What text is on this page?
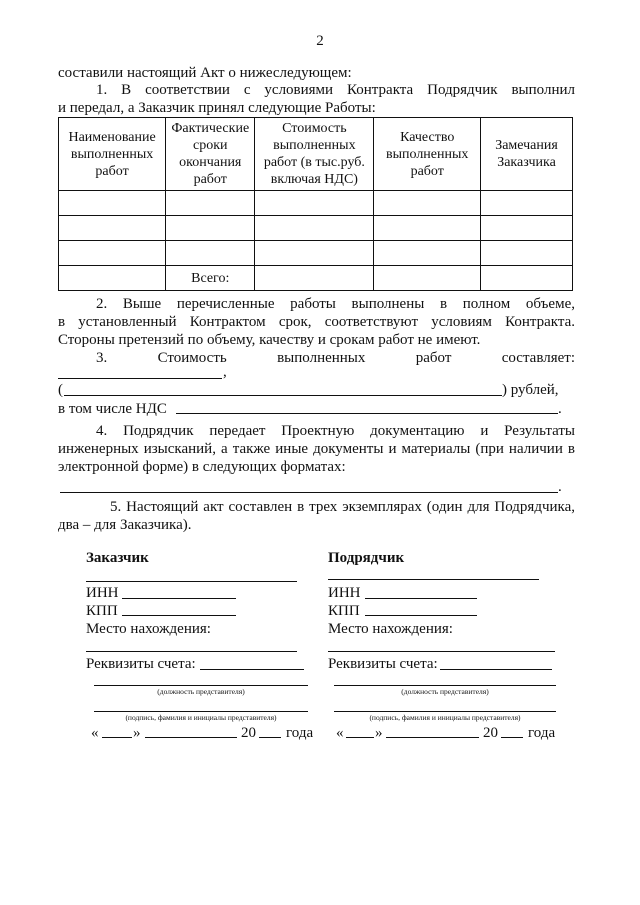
2
составили настоящий Акт о нижеследующем:
1. В соответствии с условиями Контракта Подрядчик выполнил
и передал, а Заказчик принял следующие Работы:
Наименование выполненных работ	Фактические сроки окончания работ	Стоимость выполненных работ (в тыс.руб. включая НДС)	Качество выполненных работ	Замечания Заказчика

	Всего:			
2. Выше перечисленные работы выполнены в полном объеме,
в установленный Контрактом срок, соответствуют условиям Контракта.
Стороны претензий по объему, качеству и срокам работ не имеют.
3. Стоимость выполненных работ составляет:
,
(	) рублей,
в том числе НДС	.
4. Подрядчик передает Проектную документацию и Результаты
инженерных изысканий, а также иные документы и материалы (при наличии в
электронной форме) в следующих форматах:
.
5. Настоящий акт составлен в трех экземплярах (один для Подрядчика,
два – для Заказчика).
Заказчик
ИНН
КПП
Место нахождения:
Реквизиты счета:
(должность представителя)
(подпись, фамилия и инициалы представителя)
« »	20 года
Подрядчик
ИНН
КПП
Место нахождения:
Реквизиты счета:
(должность представителя)
(подпись, фамилия и инициалы представителя)
« »	20 года
